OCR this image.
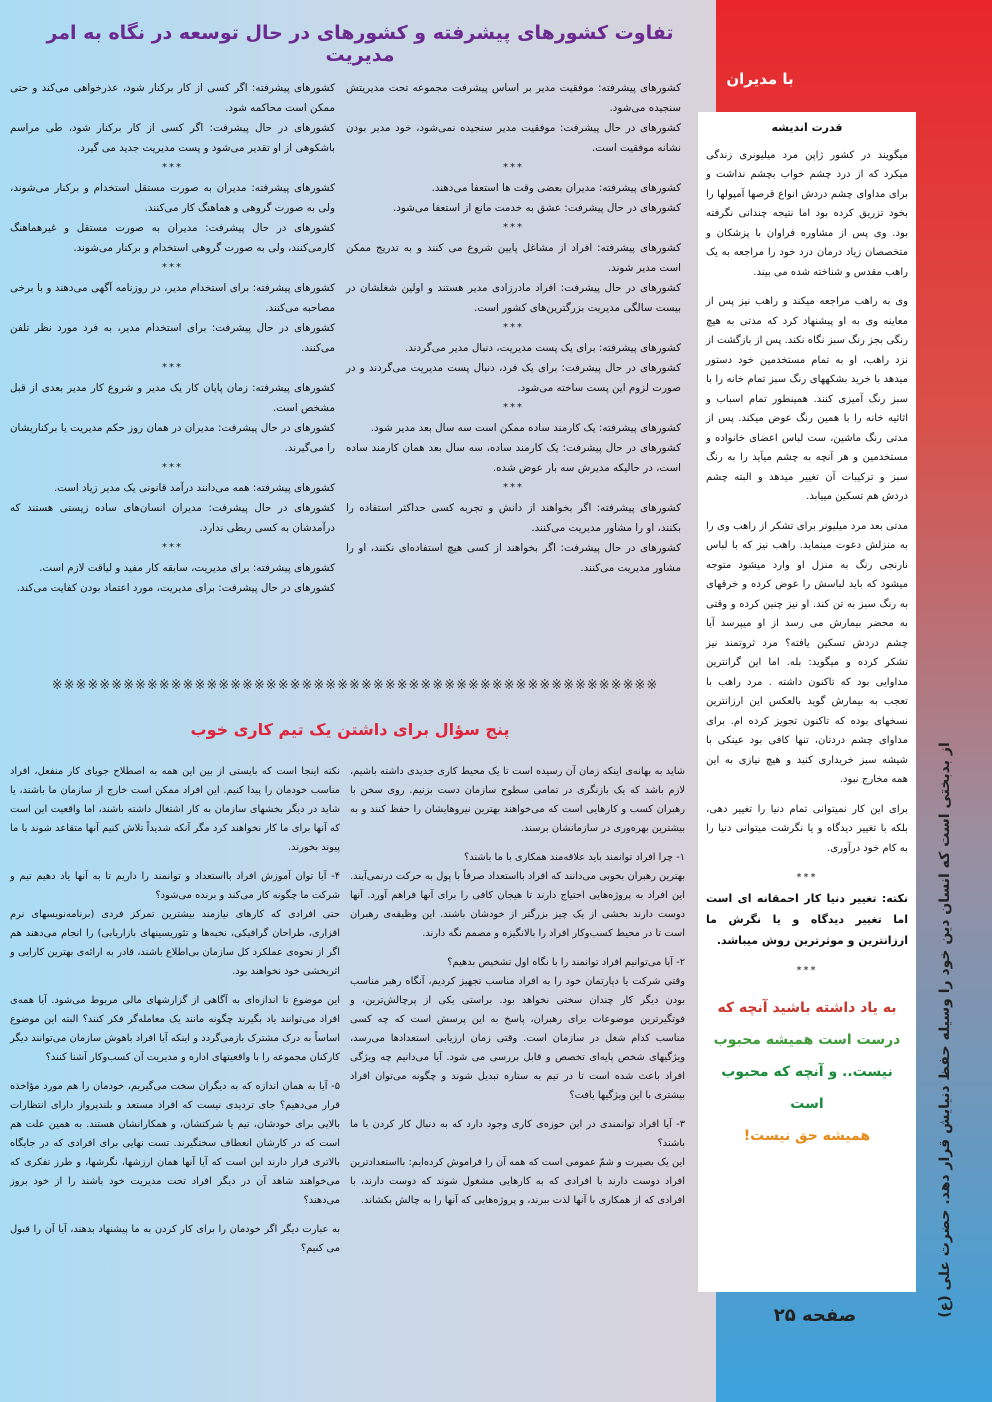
تفاوت کشورهای پیشرفته و کشورهای در حال توسعه در نگاه به امر مدیریت
با مدیران

کشورهای پیشرفته: موفقیت مدیر بر اساس پیشرفت مجموعه تحت مدیریتش سنجیده می‌شود.

کشورهای در حال پیشرفت: موفقیت مدیر سنجیده نمی‌شود، خود مدیر بودن نشانه موفقیت است.

***

کشورهای پیشرفته: مدیران بعضی وقت ها استعفا می‌دهند.

کشورهای در حال پیشرفت: عشق به خدمت مانع از استعفا می‌شود.

***

کشورهای پیشرفته: افراد از مشاغل پایین شروع می کنند و به تدریج ممکن است مدیر شوند.

کشورهای در حال پیشرفت: افراد مادرزادی مدیر هستند و اولین شغلشان در بیست سالگی مدیریت بزرگترین‌های کشور است.

***

کشورهای پیشرفته: برای یک پست مدیریت، دنبال مدیر می‌گردند.

کشورهای در حال پیشرفت: برای یک فرد، دنبال پست مدیریت می‌گردند و در صورت لزوم این پست ساخته می‌شود.

***

کشورهای پیشرفته: یک کارمند ساده ممکن است سه سال بعد مدیر شود.

کشورهای در حال پیشرفت: یک کارمند ساده، سه سال بعد همان کارمند ساده است، در حالیکه مدیرش سه بار عوض شده.

***

کشورهای پیشرفته: اگر بخواهند از دانش و تجربه کسی حداکثر استفاده را بکنند، او را مشاور مدیریت می‌کنند.

کشورهای در حال پیشرفت: اگر بخواهند از کسی هیچ استفاده‌ای نکنند، او را مشاور مدیریت می‌کنند.

کشورهای پیشرفته: اگر کسی از کار برکنار شود، عذرخواهی می‌کند و حتی ممکن است محاکمه شود.

کشورهای در حال پیشرفت: اگر کسی از کار برکنار شود، طی مراسم باشکوهی از او تقدیر می‌شود و پست مدیریت جدید می گیرد.

***

کشورهای پیشرفته: مدیران به صورت مستقل استخدام و برکنار می‌شوند، ولی به صورت گروهی و هماهنگ کار می‌کنند.

کشورهای در حال پیشرفت: مدیران به صورت مستقل و غیرهماهنگ کارمی‌کنند، ولی به صورت گروهی استخدام و برکنار می‌شوند.

***

کشورهای پیشرفته: برای استخدام مدیر، در روزنامه آگهی می‌دهند و با برخی مصاحبه می‌کنند.

کشورهای در حال پیشرفت: برای استخدام مدیر، به فرد مورد نظر تلفن می‌کنند.

***

کشورهای پیشرفته: زمان پایان کار یک مدیر و شروع کار مدیر بعدی از قبل مشخص است.

کشورهای در حال پیشرفت: مدیران در همان روز حکم مدیریت یا برکناریشان را می‌گیرند.

***

کشورهای پیشرفته: همه می‌دانند درآمد قانونی یک مدیر زیاد است.

کشورهای در حال پیشرفت: مدیران انسان‌های ساده زیستی هستند که درآمدشان به کسی ربطی ندارد.

***

کشورهای پیشرفته: برای مدیریت، سابقه کار مفید و لیاقت لازم است.

کشورهای در حال پیشرفت: برای مدیریت، مورد اعتماد بودن کفایت می‌کند.

※※※※※※※※※※※※※※※※※※※※※※※※※※※※※※※※※※※※※※※※※※※※※※※※※※※
پنج سؤال برای داشتن یک تیم کاری خوب

شاید به بهانه‌ی اینکه زمان آن رسیده است تا یک محیط کاری جدیدی داشته باشیم، لازم باشد که یک بازنگری در تمامی سطوح سازمان دست بزنیم. روی سخن با رهبران کسب و کارهایی است که می‌خواهند بهترین نیروهایشان را حفظ کنند و به بیشترین بهره‌وری در سازمانشان برسند.

۱- چرا افراد توانمند باید علاقه‌مند همکاری با ما باشند؟

بهترین رهبران بخوبی می‌دانند که افراد بااستعداد صرفاً با پول به حرکت درنمی‌آیند. این افراد به پروژه‌هایی احتیاج دارند تا هیجان کافی را برای آنها فراهم آورد. آنها دوست دارند بخشی از یک چیز بزرگتر از خودشان باشند. این وظیفه‌ی رهبران است تا در محیط کسب‌وکار افراد را بالانگیزه و مصمم نگه دارند.

۲- آیا می‌توانیم افراد توانمند را با نگاه اول تشخیص بدهیم؟

وقتی شرکت یا دپارتمان خود را به افراد مناسب تجهیز کردیم، آنگاه رهبر مناسب بودن دیگر کار چندان سختی نخواهد بود. براستی یکی از پرچالش‌ترین، و فوتگیرترین موضوعات برای رهبران، پاسخ به این پرسش است که چه کسی مناسب کدام شغل در سازمان است. وقتی زمان ارزیابی استعدادها می‌رسد، ویژگیهای شخص پایه‌ای تخصص و قابل بررسی می شود. آیا می‌دانیم چه ویژگی افراد باعث شده است تا در تیم به ستاره تبدیل شوند و چگونه می‌توان افراد بیشتری با این ویژگیها یافت؟

۳- آیا افراد توانمندی در این حوزه‌ی کاری وجود دارد که به دنبال کار کردن با ما باشند؟

این یک بصیرت و شمّ عمومی است که همه آن را فراموش کرده‌ایم: بااستعدادترین افراد دوست دارند با افرادی که به کارهایی مشغول شوند که دوست دارند، با افرادی که از همکاری با آنها لذت ببرند، و پروژه‌هایی که آنها را به چالش بکشاند.

نکته اینجا است که بایستی از بین این همه به اصطلاح جویای کار منفعل، افراد مناسب خودمان را پیدا کنیم. این افراد ممکن است خارج از سازمان ما باشند، یا شاید در دیگر بخشهای سازمان به کار اشتغال داشته باشند، اما واقعیت این است که آنها برای ما کار نخواهند کرد مگر آنکه شدیداً تلاش کنیم آنها متقاعد شوند با ما پیوند بخورند.

۴- آیا توان آموزش افراد بااستعداد و توانمند را داریم تا به آنها یاد دهیم تیم و شرکت ما چگونه کار می‌کند و برنده می‌شود؟

حتی افرادی که کارهای نیازمند بیشترین تمرکز فردی (برنامه‌نویسهای نرم افزاری، طراحان گرافیکی، نخبه‌ها و تئوریسینهای بازاریابی) را انجام می‌دهند هم اگر از نحوه‌ی عملکرد کل سازمان بی‌اطلاع باشند، قادر به ارائه‌ی بهترین کارایی و اثربخشی خود نخواهند بود.

این موضوع تا اندازه‌ای به آگاهی از گزارشهای مالی مربوط می‌شود. آیا همه‌ی افراد می‌توانند یاد بگیرند چگونه مانند یک معامله‌گر فکر کنند؟ البته این موضوع اساساً به درک مشترک بازمی‌گردد و اینکه آیا افراد باهوش سازمان می‌توانند دیگر کارکنان مجموعه را با واقعیتهای اداره و مدیریت آن کسب‌وکار آشنا کنند؟

۵- آیا به همان اندازه که به دیگران سخت می‌گیریم، خودمان را هم مورد مؤاخذه قرار می‌دهیم؟ جای تردیدی نیست که افراد مستعد و بلندپرواز دارای انتظارات بالایی برای خودشان، تیم یا شرکتشان، و همکارانشان هستند. به همین علت هم است که در کارشان انعطاف سختگیرند. تست نهایی برای افرادی که در جایگاه بالاتری قرار دارند این است که آیا آنها همان ارزشها، نگرشها، و طرز تفکری که می‌خواهند شاهد آن در دیگر افراد تحت مدیریت خود باشند را از خود بروز می‌دهند؟

به عبارت دیگر اگر خودمان را برای کار کردن به ما پیشنهاد بدهند، آیا آن را قبول می کنیم؟

قدرت اندیشه

میگویند در کشور ژاپن مرد میلیونری زندگی میکرد که از درد چشم خواب بچشم نداشت و برای مداوای چشم دردش انواع قرصها آمپولها را بخود تزریق کرده بود اما نتیجه چندانی نگرفته بود. وی پس از مشاوره فراوان با پزشکان و متخصصان زیاد درمان درد خود را مراجعه به یک راهب مقدس و شناخته شده می بیند.

وی به راهب مراجعه میکند و راهب نیز پس از معاینه وی به او پیشنهاد کرد که مدتی به هیچ رنگی بجز رنگ سبز نگاه نکند. پس از بازگشت از نزد راهب، او به تمام مستخدمین خود دستور میدهد با خرید بشکههای رنگ سبز تمام خانه را با سبز رنگ آمیزی کنند. همینطور تمام اسباب و اثاثیه خانه را با همین رنگ عوض میکند. پس از مدتی رنگ ماشین، ست لباس اعضای خانواده و مستخدمین و هر آنچه به چشم میآید را به رنگ سبز و ترکیبات آن تغییر میدهد و البته چشم دردش هم تسکین مییابد.

مدتی بعد مرد میلیونر برای تشکر از راهب وی را به منزلش دعوت مینماید. راهب نیز که با لباس نارنجی رنگ به منزل او وارد میشود متوجه میشود که باید لباسش را عوض کرده و خرقهای به رنگ سبز به تن کند. او نیز چنین کرده و وقتی به محضر بیمارش می رسد از او میپرسد آیا چشم دردش تسکین یافته؟ مرد ثروتمند نیز تشکر کرده و میگوید: بله. اما این گرانترین مداوایی بود که تاکنون داشته . مرد راهب با تعجب به بیمارش گوید بالعکس این ارزانترین نسخهای بوده که تاکنون تجویز کرده ام. برای مداوای چشم دردتان، تنها کافی بود عینکی با شیشه سبز خریداری کنید و هیچ نیازی به این همه مخارج نبود.

برای این کار نمیتوانی تمام دنیا را تغییر دهی، بلکه با تغییر دیدگاه و یا نگرشت میتوانی دنیا را به کام خود درآوری.

***

نکته: تغییر دنیا کار احمقانه ای است اما تغییر دیدگاه و یا نگرش ما ارزانترین و موثرترین روش میباشد.

***

به یاد داشته باشید آنچه که
درست است همیشه محبوب
نیست.. و آنچه که محبوب است
همیشه حق نیست!
صفحه ۲۵	از بدبختی است که انسان دین خود را وسیله حفظ دنیایش قرار دهد. حضرت علی (ع)
